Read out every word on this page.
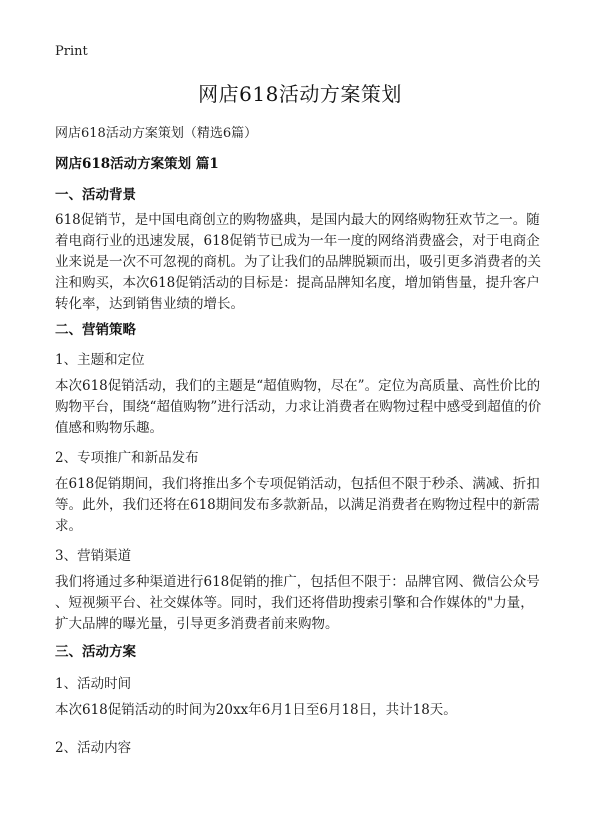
Print
网店618活动方案策划
网店618活动方案策划（精选6篇）
网店618活动方案策划 篇1
一、活动背景
618促销节，是中国电商创立的购物盛典，是国内最大的网络购物狂欢节之一。随
着电商行业的迅速发展，618促销节已成为一年一度的网络消费盛会，对于电商企
业来说是一次不可忽视的商机。为了让我们的品牌脱颖而出，吸引更多消费者的关
注和购买，本次618促销活动的目标是：提高品牌知名度，增加销售量，提升客户
转化率，达到销售业绩的增长。
二、营销策略
1、主题和定位
本次618促销活动，我们的主题是“超值购物，尽在”。定位为高质量、高性价比的
购物平台，围绕“超值购物”进行活动，力求让消费者在购物过程中感受到超值的价
值感和购物乐趣。
2、专项推广和新品发布
在618促销期间，我们将推出多个专项促销活动，包括但不限于秒杀、满减、折扣
等。此外，我们还将在618期间发布多款新品，以满足消费者在购物过程中的新需
求。
3、营销渠道
我们将通过多种渠道进行618促销的推广，包括但不限于：品牌官网、微信公众号
、短视频平台、社交媒体等。同时，我们还将借助搜索引擎和合作媒体的"力量，
扩大品牌的曝光量，引导更多消费者前来购物。
三、活动方案
1、活动时间
本次618促销活动的时间为20xx年6月1日至6月18日，共计18天。
2、活动内容
